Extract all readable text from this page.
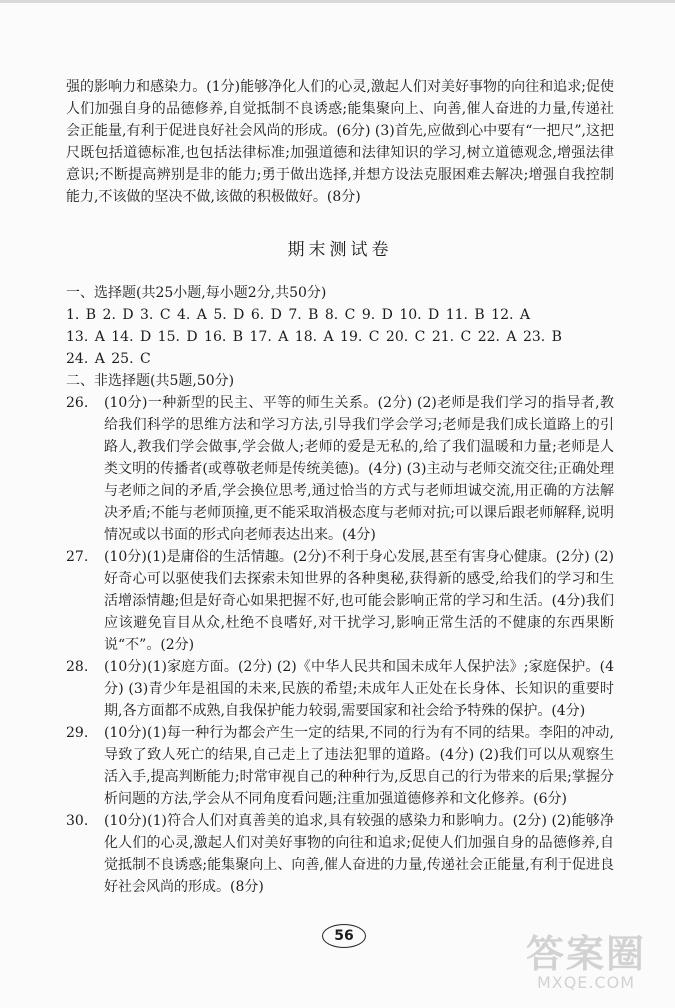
强的影响力和感染力。(1分)能够净化人们的心灵,激起人们对美好事物的向往和追求;促使人们加强自身的品德修养,自觉抵制不良诱惑;能集聚向上、向善,催人奋进的力量,传递社会正能量,有利于促进良好社会风尚的形成。(6分) (3)首先,应做到心中要有“一把尺”,这把尺既包括道德标准,也包括法律标准;加强道德和法律知识的学习,树立道德观念,增强法律意识;不断提高辨别是非的能力;勇于做出选择,并想方设法克服困难去解决;增强自我控制能力,不该做的坚决不做,该做的积极做好。(8分)

期末测试卷

一、选择题(共25小题,每小题2分,共50分)

1. B 2. D 3. C 4. A 5. D 6. D 7. B 8. C 9. D 10. D 11. B 12. A

13. A 14. D 15. D 16. B 17. A 18. A 19. C 20. C 21. C 22. A 23. B

24. A 25. C

二、非选择题(共5题,50分)

26.	(10分)一种新型的民主、平等的师生关系。(2分) (2)老师是我们学习的指导者,教给我们科学的思维方法和学习方法,引导我们学会学习;老师是我们成长道路上的引路人,教我们学会做事,学会做人;老师的爱是无私的,给了我们温暖和力量;老师是人类文明的传播者(或尊敬老师是传统美德)。(4分) (3)主动与老师交流交往;正确处理与老师之间的矛盾,学会換位思考,通过恰当的方式与老师坦诚交流,用正确的方法解决矛盾;不能与老师顶撞,更不能采取消极态度与老师对抗;可以课后跟老师解释,说明情况或以书面的形式向老师表达出来。(4分)
27.	(10分)(1)是庸俗的生活情趣。(2分)不利于身心发展,甚至有害身心健康。(2分) (2)好奇心可以驱使我们去探索未知世界的各种奥秘,获得新的感受,给我们的学习和生活增添情趣;但是好奇心如果把握不好,也可能会影响正常的学习和生活。(4分)我们应该避免盲目从众,杜绝不良嗜好,对干扰学习,影响正常生活的不健康的东西果断说“不”。(2分)
28.	(10分)(1)家庭方面。(2分) (2)《中华人民共和国未成年人保护法》;家庭保护。(4分) (3)青少年是祖国的未来,民族的希望;未成年人正处在长身体、长知识的重要时期,各方面都不成熟,自我保护能力较弱,需要国家和社会给予特殊的保护。(4分)
29.	(10分)(1)每一种行为都会产生一定的结果,不同的行为有不同的结果。李阳的冲动,导致了致人死亡的结果,自己走上了违法犯罪的道路。(4分) (2)我们可以从观察生活入手,提高判断能力;时常审视自己的种种行为,反思自己的行为带来的后果;掌握分析问题的方法,学会从不同角度看问题;注重加强道德修养和文化修养。(6分)
30.	(10分)(1)符合人们对真善美的追求,具有较强的感染力和影响力。(2分) (2)能够净化人们的心灵,激起人们对美好事物的向往和追求;促使人们加强自身的品德修养,自觉抵制不良诱惑;能集聚向上、向善,催人奋进的力量,传递社会正能量,有利于促进良好社会风尚的形成。(8分)
56	答案圈
MXQE.COM
